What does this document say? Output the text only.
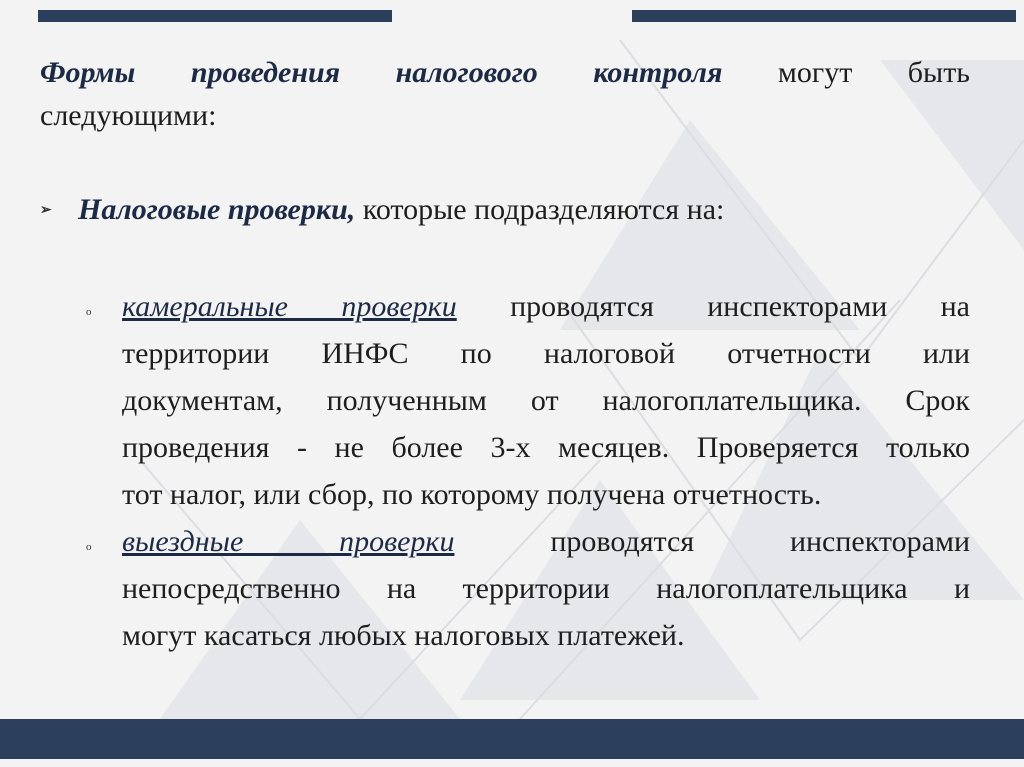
Формы проведения налогового контроля могут быть

следующими:

➢ Налоговые проверки, которые подразделяются на:

o камеральные проверки проводятся инспекторами на
территории ИНФС по налоговой отчетности или
документам, полученным от налогоплательщика. Срок
проведения - не более 3-х месяцев. Проверяется только
тот налог, или сбор, по которому получена отчетность.
o выездные проверки	проводятся инспекторами
непосредственно на территории налогоплательщика и
могут касаться любых налоговых платежей.
